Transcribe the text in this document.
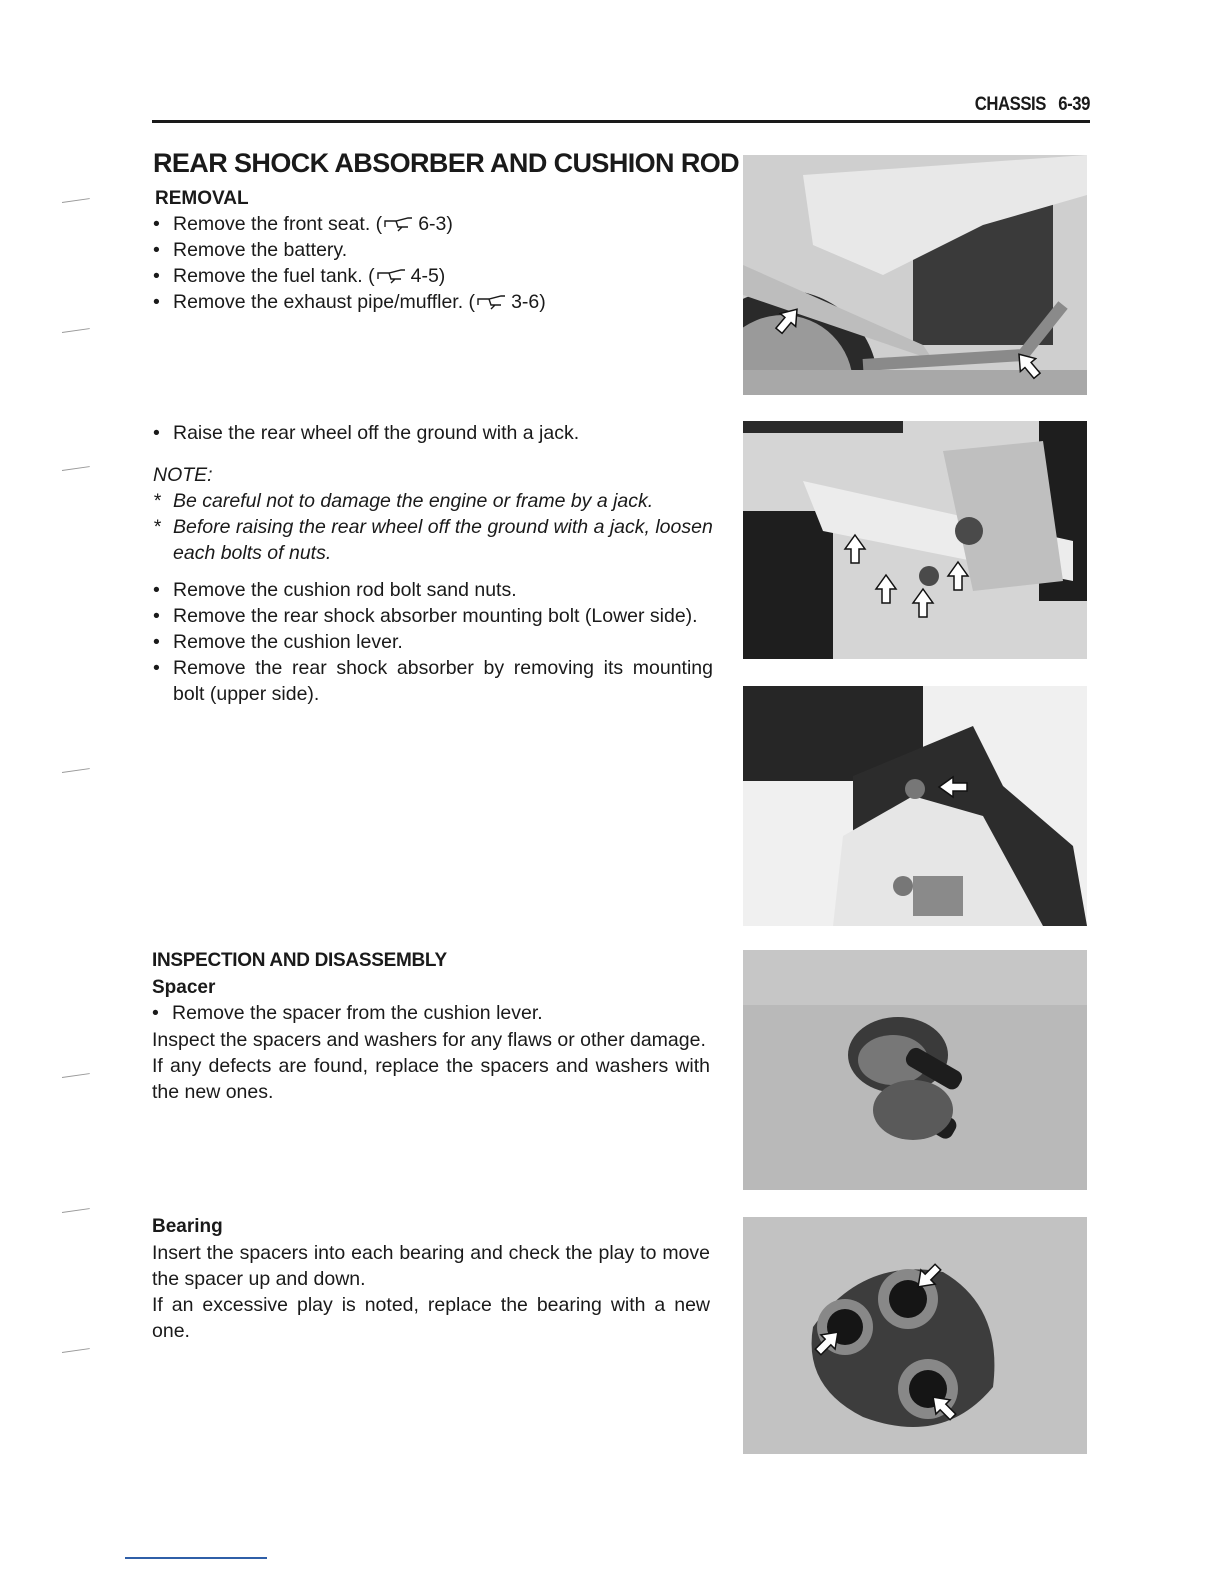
CHASSIS 6-39
REAR SHOCK ABSORBER AND CUSHION ROD
REMOVAL
• Remove the front seat. ( 6-3)
• Remove the battery.
• Remove the fuel tank. ( 4-5)
• Remove the exhaust pipe/muffler. ( 3-6)
• Raise the rear wheel off the ground with a jack.
NOTE:
* Be careful not to damage the engine or frame by a jack.
* Before raising the rear wheel off the ground with a jack, loosen each bolts of nuts.
• Remove the cushion rod bolt sand nuts.
• Remove the rear shock absorber mounting bolt (Lower side).
• Remove the cushion lever.
• Remove the rear shock absorber by removing its mounting bolt (upper side).
INSPECTION AND DISASSEMBLY
Spacer
• Remove the spacer from the cushion lever.

Inspect the spacers and washers for any flaws or other damage.

If any defects are found, replace the spacers and washers with the new ones.

Bearing

Insert the spacers into each bearing and check the play to move the spacer up and down.

If an excessive play is noted, replace the bearing with a new one.
